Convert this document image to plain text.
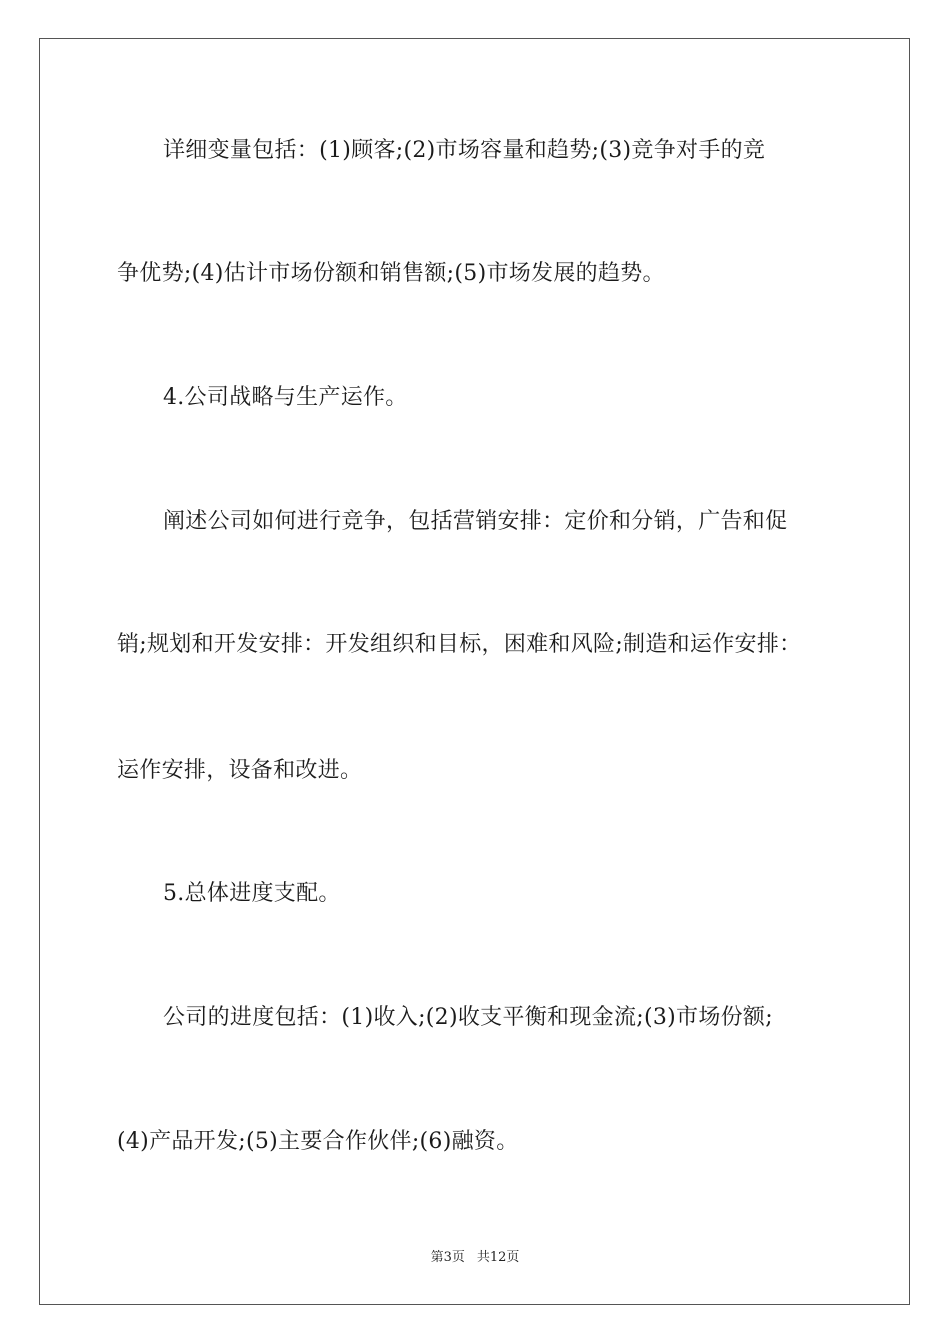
详细变量包括：(1)顾客;(2)市场容量和趋势;(3)竞争对手的竞
争优势;(4)估计市场份额和销售额;(5)市场发展的趋势。
4.公司战略与生产运作。
阐述公司如何进行竞争，包括营销安排：定价和分销，广告和促
销;规划和开发安排：开发组织和目标，困难和风险;制造和运作安排：
运作安排，设备和改进。
5.总体进度支配。
公司的进度包括：(1)收入;(2)收支平衡和现金流;(3)市场份额;
(4)产品开发;(5)主要合作伙伴;(6)融资。
第3页 共12页
